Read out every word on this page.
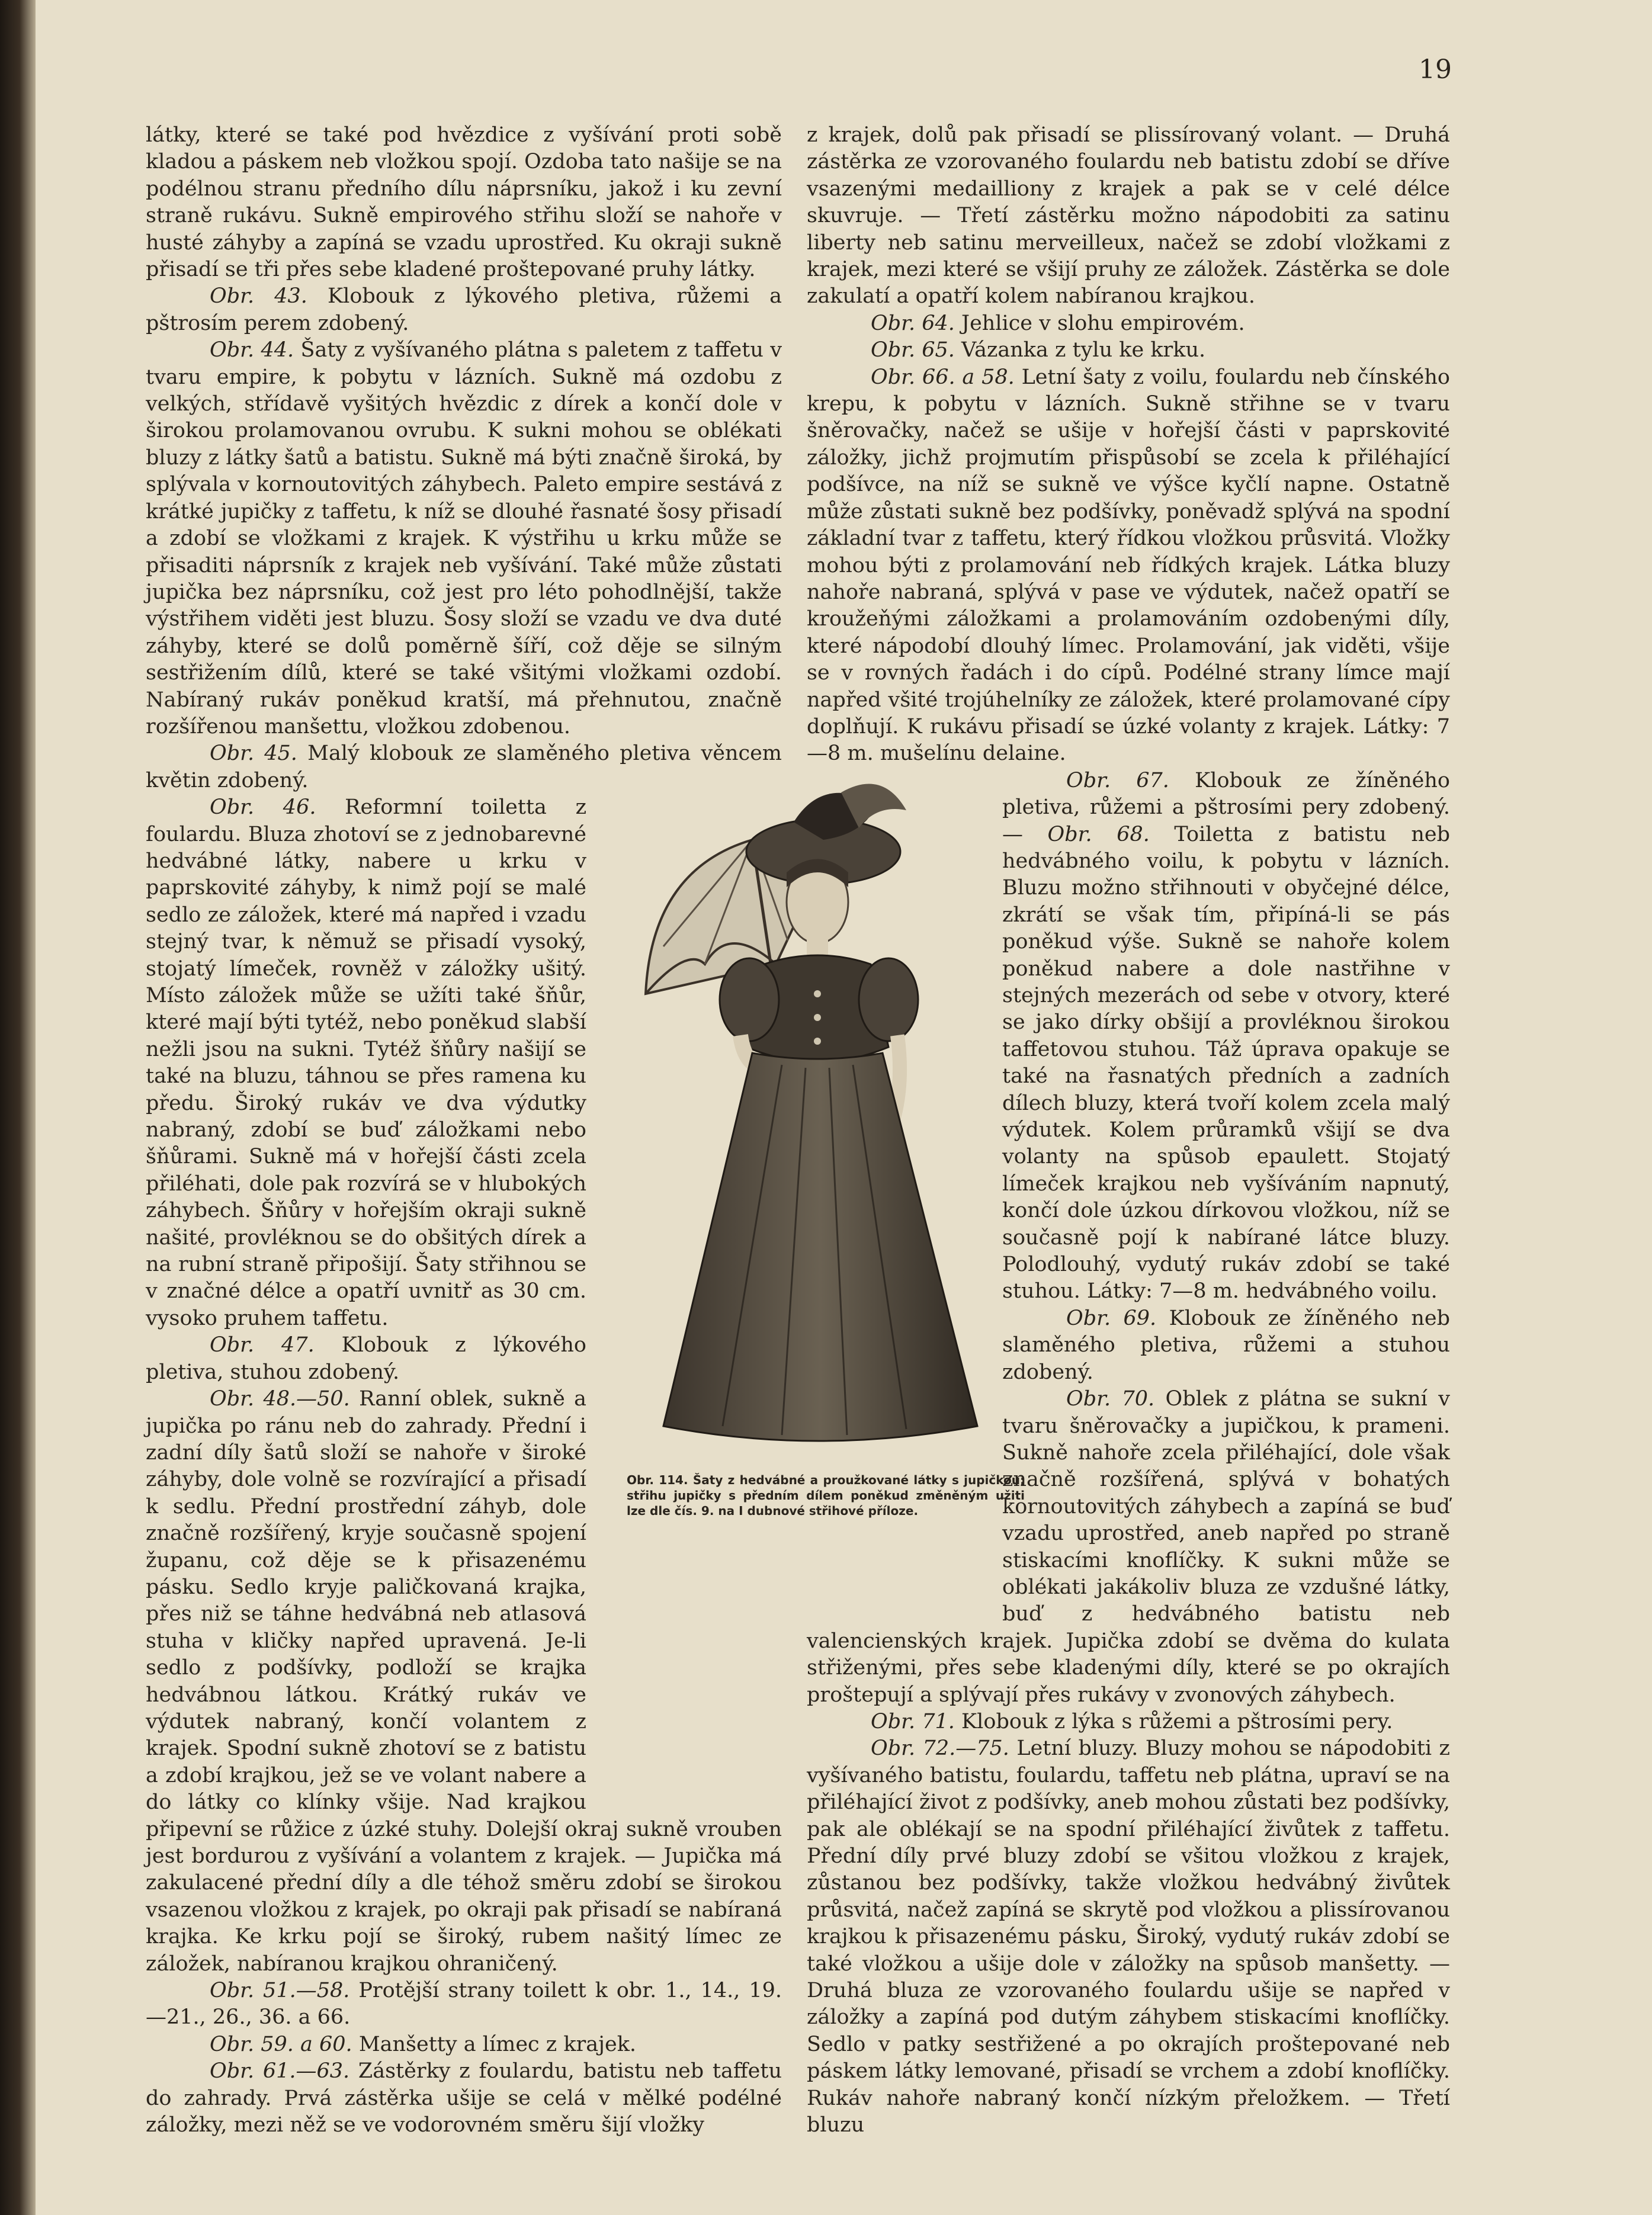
19

látky, které se také pod hvězdice z vyšívání proti sobě kladou a páskem neb vložkou spojí. Ozdoba tato našije se na podélnou stranu předního dílu náprsníku, jakož i ku zevní straně rukávu. Sukně empirového střihu složí se nahoře v husté záhyby a zapíná se vzadu uprostřed. Ku okraji sukně přisadí se tři přes sebe kladené proštepované pruhy látky.

Obr. 43. Klobouk z lýkového pletiva, růžemi a pštrosím perem zdobený.

Obr. 44. Šaty z vyšívaného plátna s paletem z taffetu v tvaru empire, k pobytu v lázních. Sukně má ozdobu z velkých, střídavě vyšitých hvězdic z dírek a končí dole v širokou prolamovanou ovrubu. K sukni mohou se oblékati bluzy z látky šatů a batistu. Sukně má býti značně široká, by splývala v kornoutovitých záhybech. Paleto empire sestává z krátké jupičky z taffetu, k níž se dlouhé řasnaté šosy přisadí a zdobí se vložkami z krajek. K výstřihu u krku může se přisaditi náprsník z krajek neb vyšívání. Také může zůstati jupička bez náprsníku, což jest pro léto pohodlnější, takže výstřihem viděti jest bluzu. Šosy složí se vzadu ve dva duté záhyby, které se dolů poměrně šíří, což děje se silným sestřižením dílů, které se také všitými vložkami ozdobí. Nabíraný rukáv poněkud kratší, má přehnutou, značně rozšířenou manšettu, vložkou zdobenou.

Obr. 45. Malý klobouk ze slaměného pletiva věncem květin zdobený.

Obr. 46. Reformní toiletta z foulardu. Bluza zhotoví se z jednobarevné hedvábné látky, nabere u krku v paprskovité záhyby, k nimž pojí se malé sedlo ze záložek, které má napřed i vzadu stejný tvar, k němuž se přisadí vysoký, stojatý límeček, rovněž v záložky ušitý. Místo záložek může se užíti také šňůr, které mají býti tytéž, nebo poněkud slabší nežli jsou na sukni. Tytéž šňůry našijí se také na bluzu, táhnou se přes ramena ku předu. Široký rukáv ve dva výdutky nabraný, zdobí se buď záložkami nebo šňůrami. Sukně má v hořejší části zcela přiléhati, dole pak rozvírá se v hlubokých záhybech. Šňůry v hořejším okraji sukně našité, provléknou se do obšitých dírek a na rubní straně připošijí. Šaty střihnou se v značné délce a opatří uvnitř as 30 cm. vysoko pruhem taffetu.

Obr. 47. Klobouk z lýkového pletiva, stuhou zdobený.

Obr. 48.—50. Ranní oblek, sukně a jupička po ránu neb do zahrady. Přední i zadní díly šatů složí se nahoře v široké záhyby, dole volně se rozvírající a přisadí k sedlu. Přední prostřední záhyb, dole značně rozšířený, kryje současně spojení županu, což děje se k přisazenému pásku. Sedlo kryje paličkovaná krajka, přes niž se táhne hedvábná neb atlasová stuha v kličky napřed upravená. Je-li sedlo z podšívky, podloží se krajka hedvábnou látkou. Krátký rukáv ve výdutek nabraný, končí volantem z krajek. Spodní sukně zhotoví se z batistu a zdobí krajkou, jež se ve volant nabere a do látky co klínky všije. Nad krajkou připevní se růžice z úzké stuhy. Dolejší okraj sukně vrouben jest bordurou z vyšívání a volantem z krajek. — Jupička má zakulacené přední díly a dle téhož směru zdobí se širokou vsazenou vložkou z krajek, po okraji pak přisadí se nabíraná krajka. Ke krku pojí se široký, rubem našitý límec ze záložek, nabíranou krajkou ohraničený.

Obr. 51.—58. Protější strany toilett k obr. 1., 14., 19.—21., 26., 36. a 66.

Obr. 59. a 60. Manšetty a límec z krajek.

Obr. 61.—63. Zástěrky z foulardu, batistu neb taffetu do zahrady. Prvá zástěrka ušije se celá v mělké podélné záložky, mezi něž se ve vodorovném směru šijí vložky

z krajek, dolů pak přisadí se plissírovaný volant. — Druhá zástěrka ze vzorovaného foulardu neb batistu zdobí se dříve vsazenými medailliony z krajek a pak se v celé délce skuvruje. — Třetí zástěrku možno nápodobiti za satinu liberty neb satinu merveilleux, načež se zdobí vložkami z krajek, mezi které se všijí pruhy ze záložek. Zástěrka se dole zakulatí a opatří kolem nabíranou krajkou.

Obr. 64. Jehlice v slohu empirovém.

Obr. 65. Vázanka z tylu ke krku.

Obr. 66. a 58. Letní šaty z voilu, foulardu neb čínského krepu, k pobytu v lázních. Sukně střihne se v tvaru šněrovačky, načež se ušije v hořejší části v paprskovité záložky, jichž projmutím přispůsobí se zcela k přiléhající podšívce, na níž se sukně ve výšce kyčlí napne. Ostatně může zůstati sukně bez podšívky, poněvadž splývá na spodní základní tvar z taffetu, který řídkou vložkou průsvitá. Vložky mohou býti z prolamování neb řídkých krajek. Látka bluzy nahoře nabraná, splývá v pase ve výdutek, načež opatří se kroužeňými záložkami a prolamováním ozdobenými díly, které nápodobí dlouhý límec. Prolamování, jak viděti, všije se v rovných řadách i do cípů. Podélné strany límce mají napřed všité trojúhelníky ze záložek, které prolamované cípy doplňují. K rukávu přisadí se úzké volanty z krajek. Látky: 7—8 m. mušelínu delaine.

Obr. 67. Klobouk ze žíněného pletiva, růžemi a pštrosími pery zdobený. — Obr. 68. Toiletta z batistu neb hedvábného voilu, k pobytu v lázních. Bluzu možno střihnouti v obyčejné délce, zkrátí se však tím, připíná-li se pás poněkud výše. Sukně se nahoře kolem poněkud nabere a dole nastřihne v stejných mezerách od sebe v otvory, které se jako dírky obšijí a provléknou širokou taffetovou stuhou. Táž úprava opakuje se také na řasnatých předních a zadních dílech bluzy, která tvoří kolem zcela malý výdutek. Kolem průramků všijí se dva volanty na spůsob epaulett. Stojatý límeček krajkou neb vyšíváním napnutý, končí dole úzkou dírkovou vložkou, níž se současně pojí k nabírané látce bluzy. Polodlouhý, vydutý rukáv zdobí se také stuhou. Látky: 7—8 m. hedvábného voilu.

Obr. 69. Klobouk ze žíněného neb slaměného pletiva, růžemi a stuhou zdobený.

Obr. 70. Oblek z plátna se sukní v tvaru šněrovačky a jupičkou, k prameni. Sukně nahoře zcela přiléhající, dole však značně rozšířená, splývá v bohatých kornoutovitých záhybech a zapíná se buď vzadu uprostřed, aneb napřed po straně stiskacími knoflíčky. K sukni může se oblékati jakákoliv bluza ze vzdušné látky, buď z hedvábného batistu neb valencienských krajek. Jupička zdobí se dvěma do kulata střiženými, přes sebe kladenými díly, které se po okrajích proštepují a splývají přes rukávy v zvonových záhybech.

Obr. 71. Klobouk z lýka s růžemi a pštrosími pery.

Obr. 72.—75. Letní bluzy. Bluzy mohou se nápodobiti z vyšívaného batistu, foulardu, taffetu neb plátna, upraví se na přiléhající život z podšívky, aneb mohou zůstati bez podšívky, pak ale oblékají se na spodní přiléhající živůtek z taffetu. Přední díly prvé bluzy zdobí se všitou vložkou z krajek, zůstanou bez podšívky, takže vložkou hedvábný živůtek průsvitá, načež zapíná se skrytě pod vložkou a plissírovanou krajkou k přisazenému pásku, Široký, vydutý rukáv zdobí se také vložkou a ušije dole v záložky na spůsob manšetty. — Druhá bluza ze vzorovaného foulardu ušije se napřed v záložky a zapíná pod dutým záhybem stiskacími knoflíčky. Sedlo v patky sestřižené a po okrajích proštepované neb páskem látky lemované, přisadí se vrchem a zdobí knoflíčky. Rukáv nahoře nabraný končí nízkým přeložkem. — Třetí bluzu

Obr. 114. Šaty z hedvábné a proužkované látky s jupičkou; střihu jupičky s předním dílem poněkud změněným užiti lze dle čís. 9. na I dubnové střihové příloze.
